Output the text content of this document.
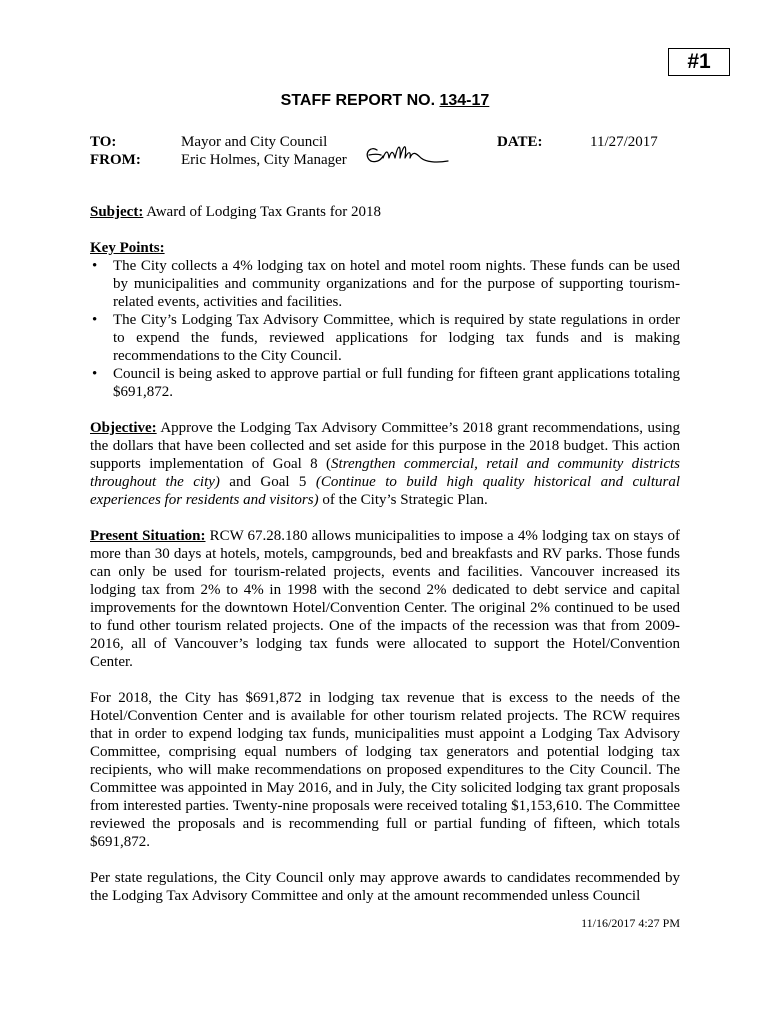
#1
STAFF REPORT NO. 134-17
TO:	Mayor and City Council
FROM:	Eric Holmes, City Manager
DATE:	11/27/2017

Subject: Award of Lodging Tax Grants for 2018

Key Points:

• The City collects a 4% lodging tax on hotel and motel room nights. These funds can be used by municipalities and community organizations and for the purpose of supporting tourism-related events, activities and facilities.
• The City’s Lodging Tax Advisory Committee, which is required by state regulations in order to expend the funds, reviewed applications for lodging tax funds and is making recommendations to the City Council.
• Council is being asked to approve partial or full funding for fifteen grant applications totaling $691,872.

Objective: Approve the Lodging Tax Advisory Committee’s 2018 grant recommendations, using the dollars that have been collected and set aside for this purpose in the 2018 budget. This action supports implementation of Goal 8 (Strengthen commercial, retail and community districts throughout the city) and Goal 5 (Continue to build high quality historical and cultural experiences for residents and visitors) of the City’s Strategic Plan.

Present Situation: RCW 67.28.180 allows municipalities to impose a 4% lodging tax on stays of more than 30 days at hotels, motels, campgrounds, bed and breakfasts and RV parks. Those funds can only be used for tourism-related projects, events and facilities. Vancouver increased its lodging tax from 2% to 4% in 1998 with the second 2% dedicated to debt service and capital improvements for the downtown Hotel/Convention Center. The original 2% continued to be used to fund other tourism related projects. One of the impacts of the recession was that from 2009-2016, all of Vancouver’s lodging tax funds were allocated to support the Hotel/Convention Center.

For 2018, the City has $691,872 in lodging tax revenue that is excess to the needs of the Hotel/Convention Center and is available for other tourism related projects. The RCW requires that in order to expend lodging tax funds, municipalities must appoint a Lodging Tax Advisory Committee, comprising equal numbers of lodging tax generators and potential lodging tax recipients, who will make recommendations on proposed expenditures to the City Council. The Committee was appointed in May 2016, and in July, the City solicited lodging tax grant proposals from interested parties. Twenty-nine proposals were received totaling $1,153,610. The Committee reviewed the proposals and is recommending full or partial funding of fifteen, which totals $691,872.

Per state regulations, the City Council only may approve awards to candidates recommended by the Lodging Tax Advisory Committee and only at the amount recommended unless Council

11/16/2017 4:27 PM
